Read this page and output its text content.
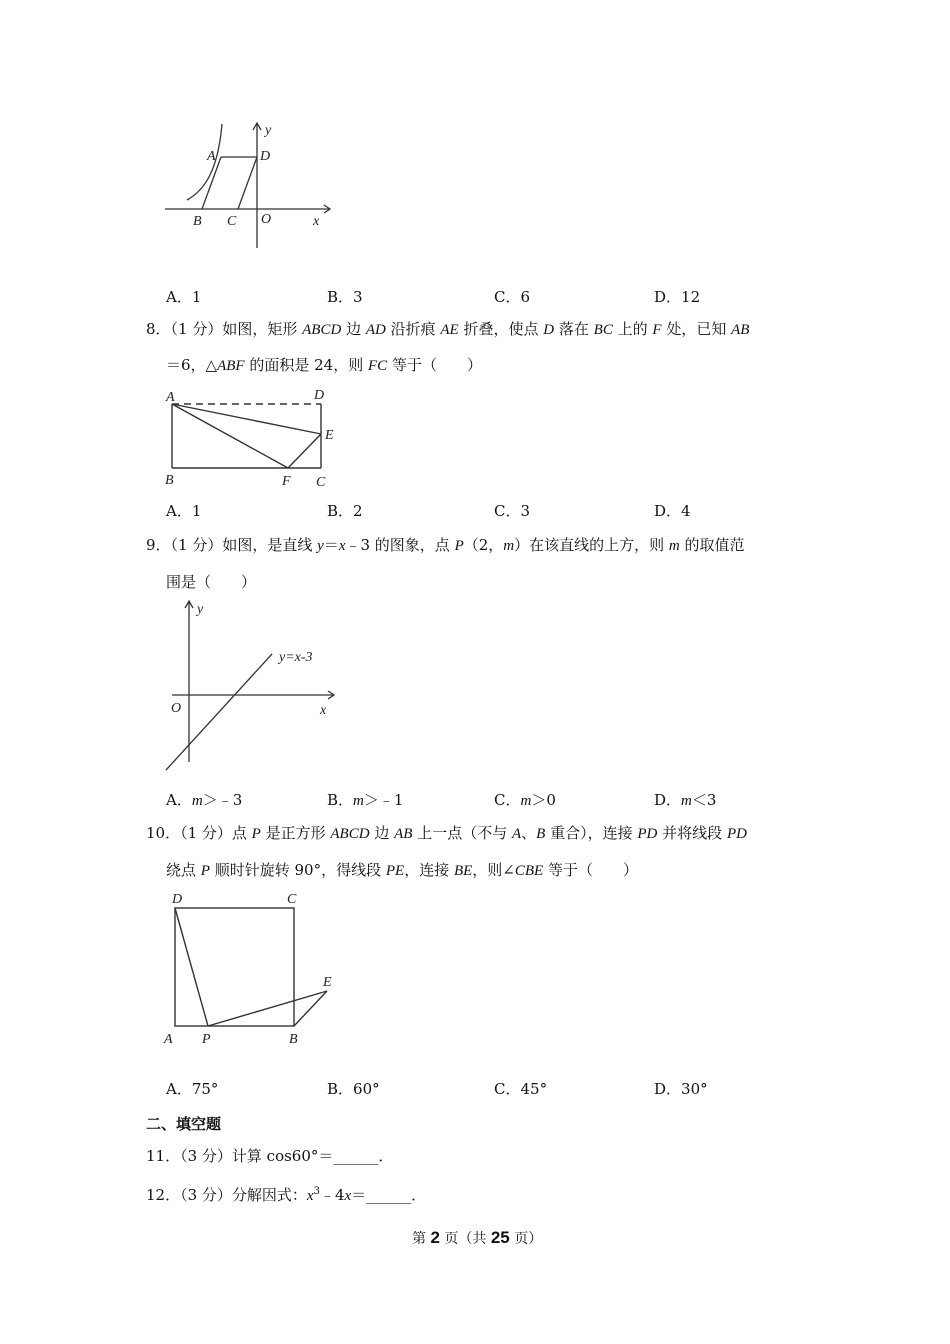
A	D
y
B C O	x
A．1	B．3	C．6	D．12
8．（1 分）如图，矩形 ABCD 边 AD 沿折痕 AE 折叠，使点 D 落在 BC 上的 F 处，已知 AB
＝6，△ABF 的面积是 24，则 FC 等于（　　）
A	D
E
B	F C
A．1	B．2	C．3	D．4
9．（1 分）如图，是直线 y＝x﹣3 的图象，点 P（2，m）在该直线的上方，则 m 的取值范
围是（　　）
y
x
O
y=x-3
A．m＞﹣3	B．m＞﹣1	C．m＞0	D．m＜3
10．（1 分）点 P 是正方形 ABCD 边 AB 上一点（不与 A、B 重合），连接 PD 并将线段 PD
绕点 P 顺时针旋转 90°，得线段 PE，连接 BE，则∠CBE 等于（　　）
D	C
E
A P	B
A．75°	B．60°	C．45°	D．30°
二、填空题
11．（3 分）计算 cos60°＝______．
12．（3 分）分解因式：$x^3﹣4x=\_\_\_\_\_\_$．
第 2 页（共 25 页）
